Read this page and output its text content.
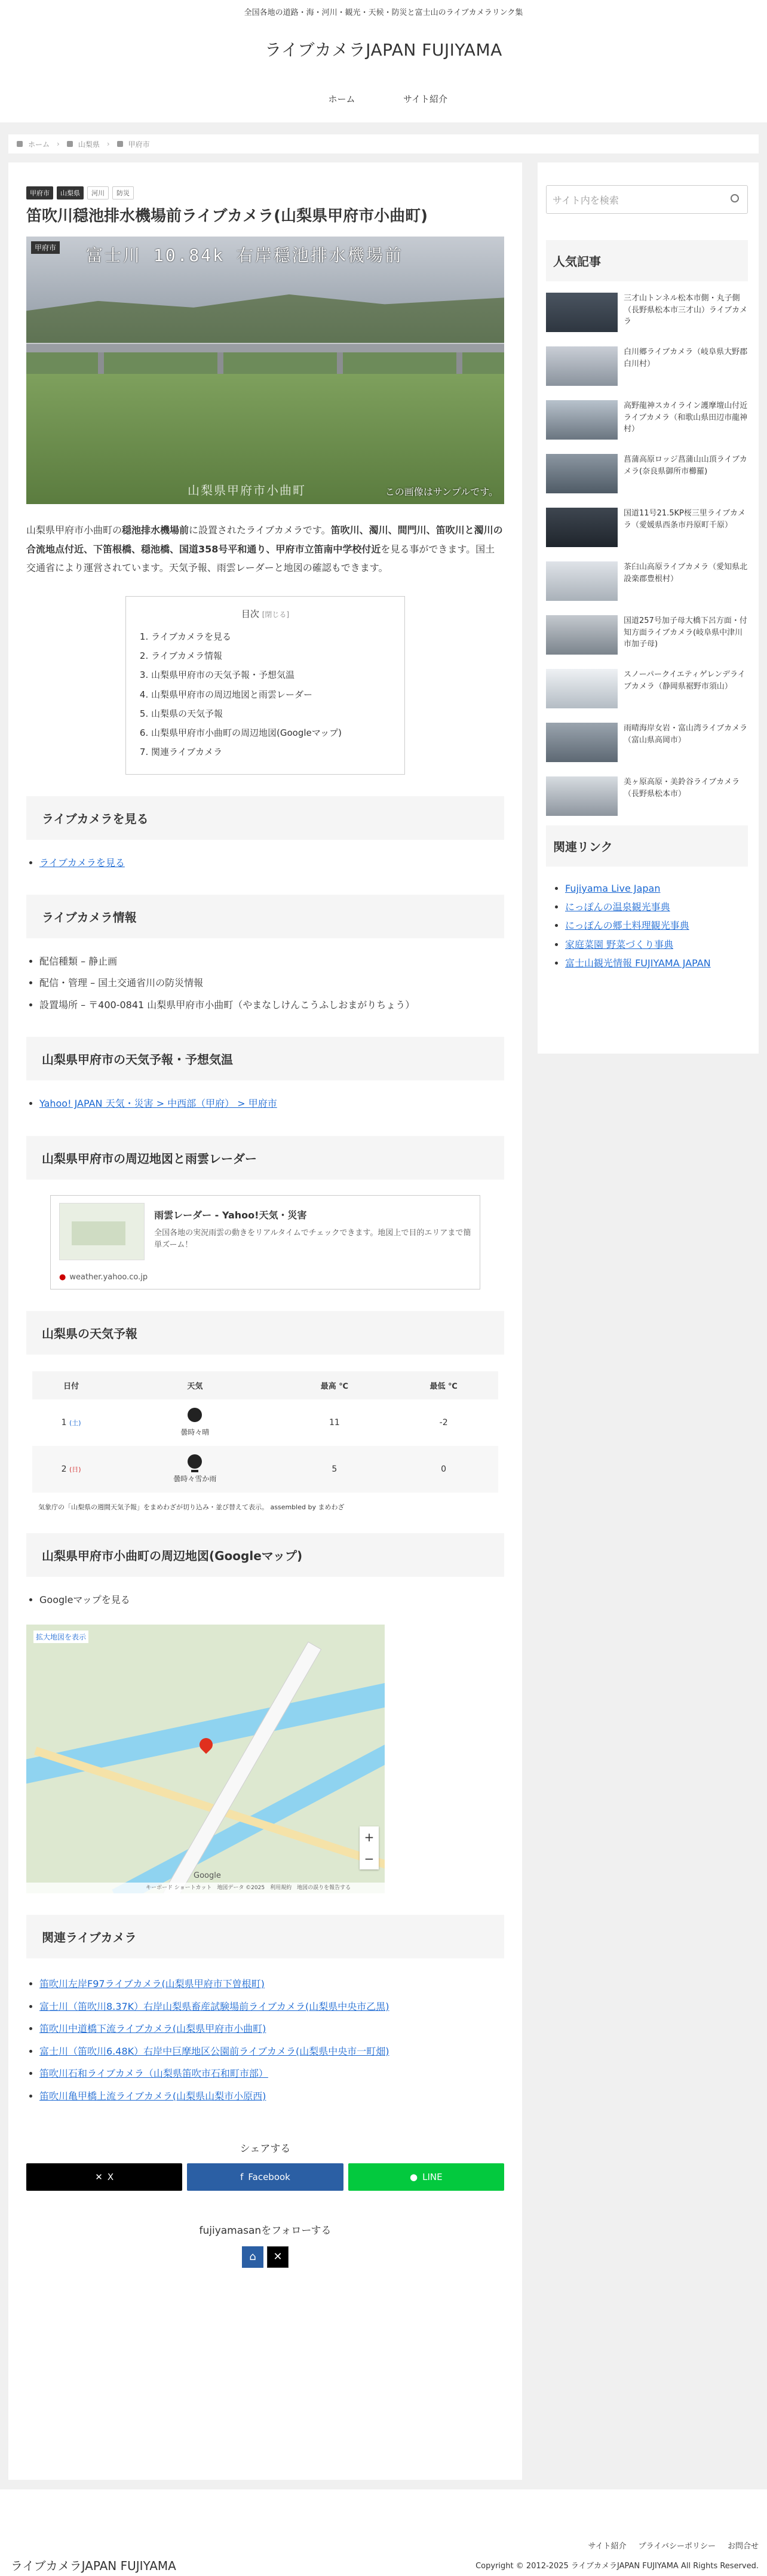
全国各地の道路・海・河川・観光・天候・防災と富士山のライブカメラリンク集
ライブカメラJAPAN FUJIYAMA
ホーム	サイト紹介
ホーム ›	山梨県 ›	甲府市
甲府市	山梨県	河川	防災
笛吹川穏池排水機場前ライブカメラ(山梨県甲府市小曲町)
甲府市 富士川 10.84k 右岸穏池排水機場前
山梨県甲府市小曲町	この画像はサンプルです。

山梨県甲府市小曲町の穏池排水機場前に設置されたライブカメラです。笛吹川、濁川、間門川、笛吹川と濁川の合流地点付近、下笛根橋、穏池橋、国道358号平和通り、甲府市立笛南中学校付近を見る事ができます。国土交通省により運営されています。天気予報、雨雲レーダーと地図の確認もできます。

目次 [閉じる]
1. ライブカメラを見る
2. ライブカメラ情報
3. 山梨県甲府市の天気予報・予想気温
4. 山梨県甲府市の周辺地図と雨雲レーダー
5. 山梨県の天気予報
6. 山梨県甲府市小曲町の周辺地図(Googleマップ)
7. 関連ライブカメラ
ライブカメラを見る
• ライブカメラを見る
ライブカメラ情報
• 配信種類 – 静止画
• 配信・管理 – 国土交通省川の防災情報
• 設置場所 – 〒400-0841 山梨県甲府市小曲町（やまなしけんこうふしおまがりちょう）
山梨県甲府市の天気予報・予想気温
• Yahoo! JAPAN 天気・災害 > 中西部（甲府） > 甲府市
山梨県甲府市の周辺地図と雨雲レーダー
雨雲レーダー - Yahoo!天気・災害
全国各地の実況雨雲の動きをリアルタイムでチェックできます。地図上で目的エリアまで簡単ズーム！
● weather.yahoo.co.jp
山梨県の天気予報
日付	天気	最高 ℃	最低 ℃
1 (土)	曇時々晴	11	-2
2 (日)	曇時々雪か雨	5	0
気象庁の「山梨県の週間天気予報」をまめわざが切り込み・並び替えて表示。 assembled by まめわざ
山梨県甲府市小曲町の周辺地図(Googleマップ)
• Googleマップを見る
拡大地図を表示
+
−
Google
キーボード ショートカット　地図データ ©2025　利用規約　地図の誤りを報告する
関連ライブカメラ
• 笛吹川左岸F97ライブカメラ(山梨県甲府市下曽根町)
• 富士川（笛吹川8.37K）右岸山梨県畜産試験場前ライブカメラ(山梨県中央市乙黒)
• 笛吹川中道橋下流ライブカメラ(山梨県甲府市小曲町)
• 富士川（笛吹川6.48K）右岸中巨摩地区公園前ライブカメラ(山梨県中央市一町畑)
• 笛吹川石和ライブカメラ（山梨県笛吹市石和町市部）
• 笛吹川亀甲橋上流ライブカメラ(山梨県山梨市小原西)
シェアする
✕ X	f Facebook	● LINE
fujiyamasanをフォローする
⌂	✕
サイト内を検索
人気記事
三才山トンネル松本市側・丸子側（長野県松本市三才山）ライブカメラ
白川郷ライブカメラ（岐阜県大野郡白川村）
高野龍神スカイライン護摩壇山付近ライブカメラ（和歌山県田辺市龍神村）
菖蒲高原ロッジ菖蒲山山頂ライブカメラ(奈良県御所市櫛羅)
国道11号21.5KP桜三里ライブカメラ（愛媛県西条市丹原町千原）
茶臼山高原ライブカメラ（愛知県北設楽郡豊根村）
国道257号加子母大橋下呂方面・付知方面ライブカメラ(岐阜県中津川市加子母)
スノーパークイエティゲレンデライブカメラ（静岡県裾野市須山）
雨晴海岸女岩・富山湾ライブカメラ（富山県高岡市）
美ヶ原高原・美鈴谷ライブカメラ（長野県松本市）
関連リンク
• Fujiyama Live Japan
• にっぽんの温泉観光事典
• にっぽんの郷土料理観光事典
• 家庭菜園 野菜づくり事典
• 富士山観光情報 FUJIYAMA JAPAN
サイト紹介 プライバシーポリシー お問合せ
ライブカメラJAPAN FUJIYAMA	Copyright © 2012-2025 ライブカメラJAPAN FUJIYAMA All Rights Reserved.
